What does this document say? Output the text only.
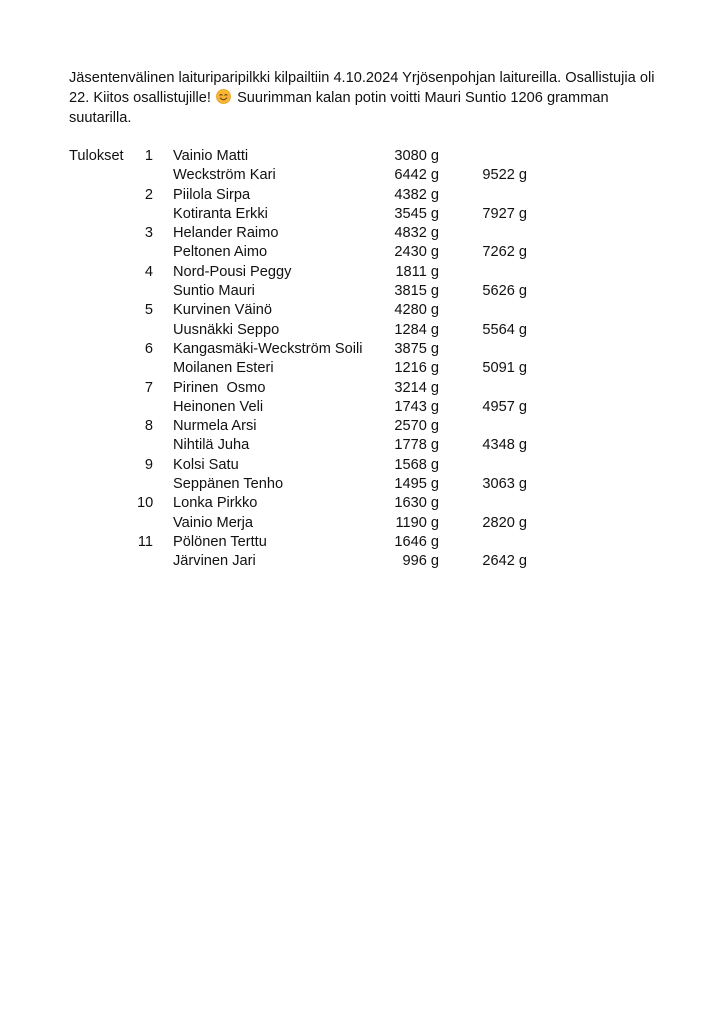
Jäsentenvälinen laituriparipilkki kilpailtiin 4.10.2024 Yrjösenpohjan laitureilla. Osallistujia oli 22. Kiitos osallistujille! Suurimman kalan potin voitti Mauri Suntio 1206 gramman suutarilla.

Tulokset	1 Vainio Matti	3080 g
Weckström Kari	6442 g	9522 g
2 Piilola Sirpa	4382 g
Kotiranta Erkki	3545 g	7927 g
3 Helander Raimo	4832 g
Peltonen Aimo	2430 g	7262 g
4 Nord-Pousi Peggy	1811 g
Suntio Mauri	3815 g	5626 g
5 Kurvinen Väinö	4280 g
Uusnäkki Seppo	1284 g	5564 g
6 Kangasmäki-Weckström Soili	3875 g
Moilanen Esteri	1216 g	5091 g
7 Pirinen  Osmo	3214 g
Heinonen Veli	1743 g	4957 g
8 Nurmela Arsi	2570 g
Nihtilä Juha	1778 g	4348 g
9 Kolsi Satu	1568 g
Seppänen Tenho	1495 g	3063 g
10 Lonka Pirkko	1630 g
Vainio Merja	1190 g	2820 g
11 Pölönen Terttu	1646 g
Järvinen Jari	996 g	2642 g
